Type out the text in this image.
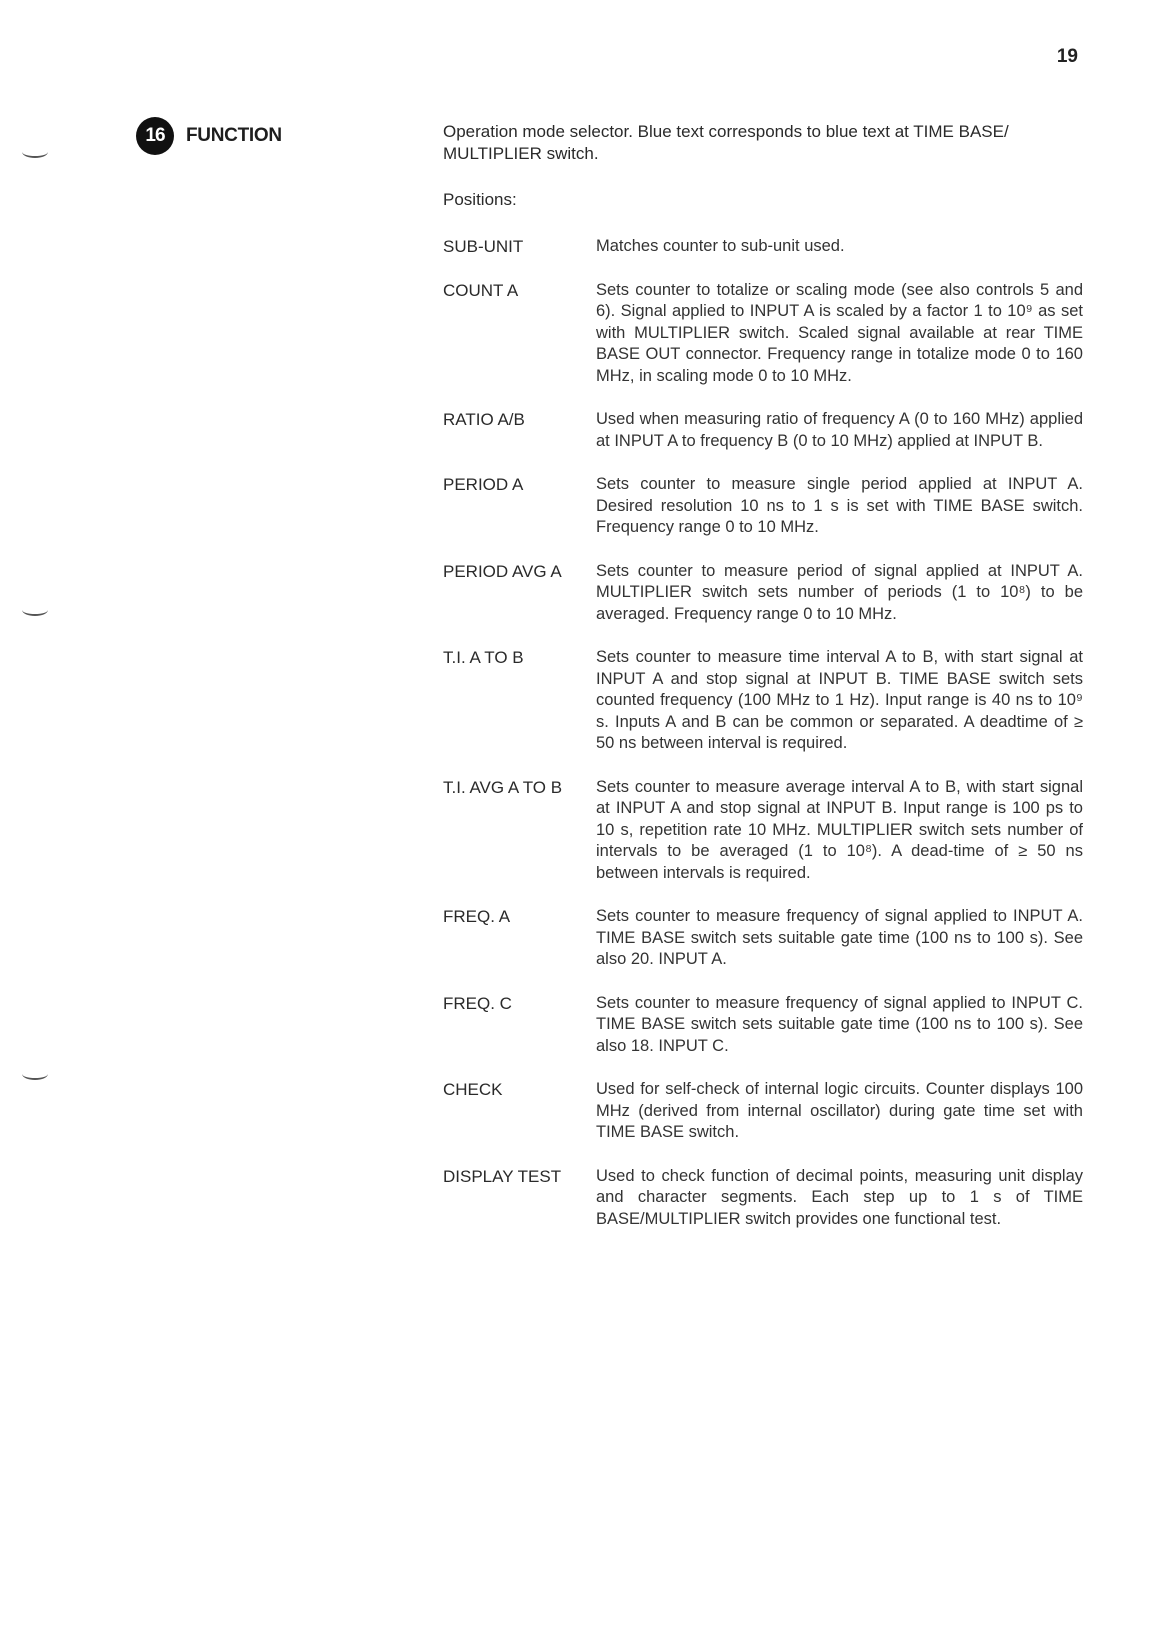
19
16	FUNCTION	Operation mode selector. Blue text corresponds to blue text at TIME BASE/ MULTIPLIER switch.
Positions:
SUB-UNIT	Matches counter to sub-unit used.
COUNT A	Sets counter to totalize or scaling mode (see also controls 5 and 6). Signal applied to INPUT A is scaled by a factor 1 to 10⁹ as set with MULTIPLIER switch. Scaled signal available at rear TIME BASE OUT connector. Frequency range in totalize mode 0 to 160 MHz, in scaling mode 0 to 10 MHz.
RATIO A/B	Used when measuring ratio of frequency A (0 to 160 MHz) applied at INPUT A to frequency B (0 to 10 MHz) applied at INPUT B.
PERIOD A	Sets counter to measure single period applied at INPUT A. Desired resolution 10 ns to 1 s is set with TIME BASE switch. Frequency range 0 to 10 MHz.
PERIOD AVG A	Sets counter to measure period of signal applied at INPUT A. MULTIPLIER switch sets number of periods (1 to 10⁸) to be averaged. Frequency range 0 to 10 MHz.
T.I. A TO B	Sets counter to measure time interval A to B, with start signal at INPUT A and stop signal at INPUT B. TIME BASE switch sets counted frequency (100 MHz to 1 Hz). Input range is 40 ns to 10⁹ s. Inputs A and B can be common or separated. A deadtime of ≥ 50 ns between interval is required.
T.I. AVG A TO B	Sets counter to measure average interval A to B, with start signal at INPUT A and stop signal at INPUT B. Input range is 100 ps to 10 s, repetition rate 10 MHz. MULTIPLIER switch sets number of intervals to be averaged (1 to 10⁸). A dead-time of ≥ 50 ns between intervals is required.
FREQ. A	Sets counter to measure frequency of signal applied to INPUT A. TIME BASE switch sets suitable gate time (100 ns to 100 s). See also 20. INPUT A.
FREQ. C	Sets counter to measure frequency of signal applied to INPUT C. TIME BASE switch sets suitable gate time (100 ns to 100 s). See also 18. INPUT C.
CHECK	Used for self-check of internal logic circuits. Counter displays 100 MHz (derived from internal oscillator) during gate time set with TIME BASE switch.
DISPLAY TEST	Used to check function of decimal points, measuring unit display and character segments. Each step up to 1 s of TIME BASE/MULTIPLIER switch provides one functional test.
